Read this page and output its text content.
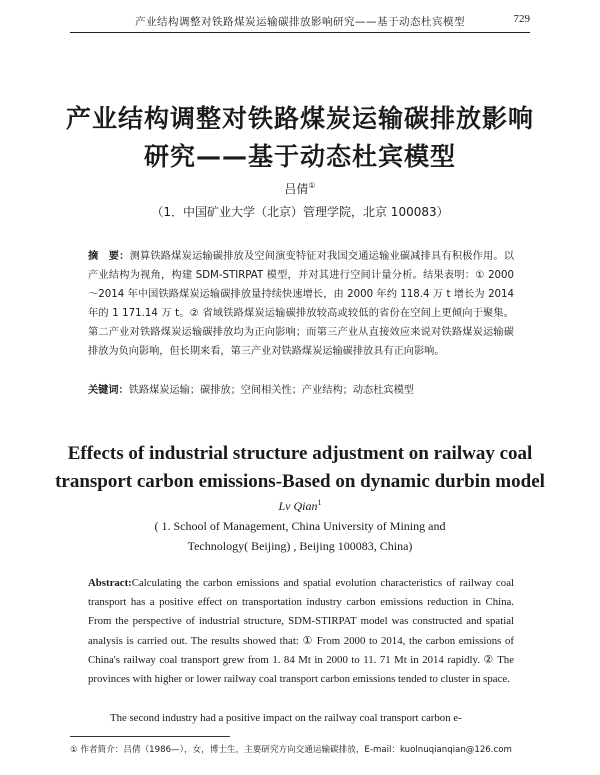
产业结构调整对铁路煤炭运输碳排放影响研究——基于动态杜宾模型	729
产业结构调整对铁路煤炭运输碳排放影响
研究——基于动态杜宾模型
吕倩①
（1．中国矿业大学（北京）管理学院，北京 100083）
摘　要：测算铁路煤炭运输碳排放及空间演变特征对我国交通运输业碳减排具有积极作用。以产业结构为视角，构建 SDM-STIRPAT 模型，并对其进行空间计量分析。结果表明：① 2000～2014 年中国铁路煤炭运输碳排放量持续快速增长，由 2000 年约 118.4 万 t 增长为 2014 年的 1 171.14 万 t。② 省域铁路煤炭运输碳排放较高或较低的省份在空间上更倾向于聚集。第二产业对铁路煤炭运输碳排放均为正向影响；而第三产业从直接效应来说对铁路煤炭运输碳排放为负向影响，但长期来看，第三产业对铁路煤炭运输碳排放具有正向影响。
关键词：铁路煤炭运输；碳排放；空间相关性；产业结构；动态杜宾模型
Effects of industrial structure adjustment on railway coal
transport carbon emissions-Based on dynamic durbin model
Lv Qian$^1$
( 1. School of Management, China University of Mining and
Technology( Beijing) , Beijing 100083, China)
Abstract:Calculating the carbon emissions and spatial evolution characteristics of railway coal transport has a positive effect on transportation industry carbon emissions reduction in China. From the perspective of industrial structure, SDM-STIRPAT model was constructed and spatial analysis is carried out. The results showed that: ① From 2000 to 2014, the carbon emissions of China's railway coal transport grew from 1. 84 Mt in 2000 to 11. 71 Mt in 2014 rapidly. ② The provinces with higher or lower railway coal transport carbon emissions tended to cluster in space.
The second industry had a positive impact on the railway coal transport carbon e-
① 作者简介：吕倩（1986—），女，博士生，主要研究方向交通运输碳排放，E-mail：kuolnuqianqian@126.com
